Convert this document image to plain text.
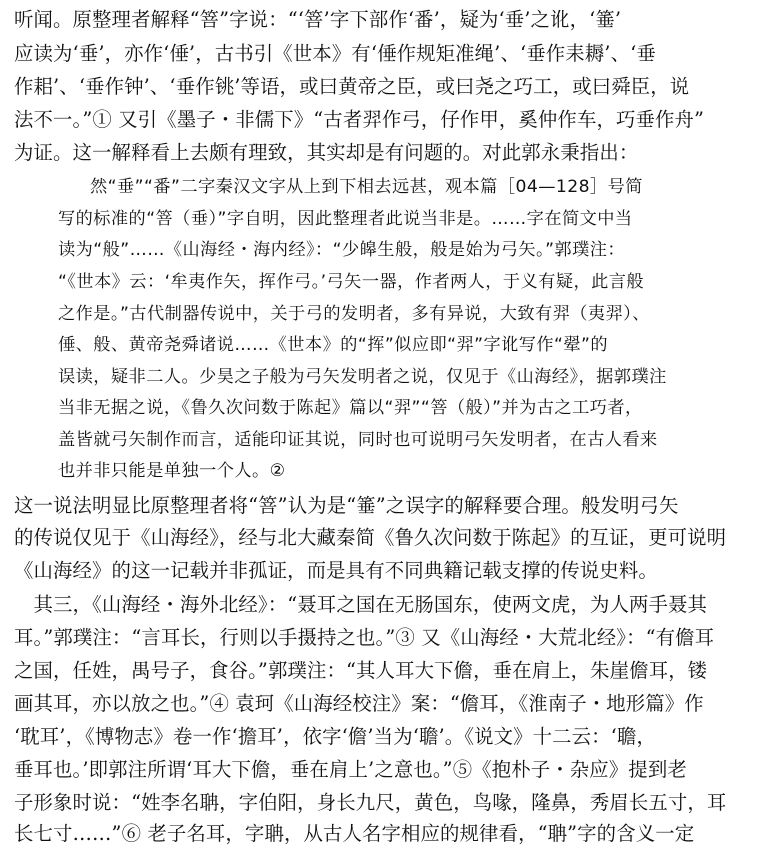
听闻。原整理者解释“箁”字说：“‘箁’字下部作‘番’，疑为‘垂’之讹，‘箠’
应读为‘垂’，亦作‘倕’，古书引《世本》有‘倕作规矩准绳’、‘垂作耒耨’、‘垂
作耜’、‘垂作钟’、‘垂作铫’等语，或曰黄帝之臣，或曰尧之巧工，或曰舜臣，说
法不一。”① 又引《墨子・非儒下》“古者羿作弓，仔作甲，奚仲作车，巧垂作舟”
为证。这一解释看上去颇有理致，其实却是有问题的。对此郭永秉指出：
然“垂”“番”二字秦汉文字从上到下相去远甚，观本篇［04—128］号简
写的标准的“箁（垂）”字自明，因此整理者此说当非是。……字在简文中当
读为“般”……《山海经・海内经》：“少皞生般，般是始为弓矢。”郭璞注：
“《世本》云：‘牟夷作矢，挥作弓。’弓矢一器，作者两人，于义有疑，此言般
之作是。”古代制器传说中，关于弓的发明者，多有异说，大致有羿（夷羿）、
倕、般、黄帝尧舜诸说……《世本》的“挥”似应即“羿”字讹写作“翚”的
误读，疑非二人。少昊之子般为弓矢发明者之说，仅见于《山海经》，据郭璞注
当非无据之说，《鲁久次问数于陈起》篇以“羿”“箁（般）”并为古之工巧者，
盖皆就弓矢制作而言，适能印证其说，同时也可说明弓矢发明者，在古人看来
也并非只能是单独一个人。②
这一说法明显比原整理者将“箁”认为是“箠”之误字的解释要合理。般发明弓矢
的传说仅见于《山海经》，经与北大藏秦简《鲁久次问数于陈起》的互证，更可说明
《山海经》的这一记载并非孤证，而是具有不同典籍记载支撑的传说史料。
　其三，《山海经・海外北经》：“聂耳之国在无肠国东，使两文虎，为人两手聂其
耳。”郭璞注：“言耳长，行则以手摄持之也。”③ 又《山海经・大荒北经》：“有儋耳
之国，任姓，禺号子，食谷。”郭璞注：“其人耳大下儋，垂在肩上，朱崖儋耳，镂
画其耳，亦以放之也。”④ 袁珂《山海经校注》案：“儋耳，《淮南子・地形篇》作
‘耽耳’，《博物志》卷一作‘擔耳’，依字‘儋’当为‘聸’。《说文》十二云：‘聸，
垂耳也。’即郭注所谓‘耳大下儋，垂在肩上’之意也。”⑤《抱朴子・杂应》提到老
子形象时说：“姓李名聃，字伯阳，身长九尺，黄色，鸟喙，隆鼻，秀眉长五寸，耳
长七寸……”⑥ 老子名耳，字聃，从古人名字相应的规律看，“聃”字的含义一定
